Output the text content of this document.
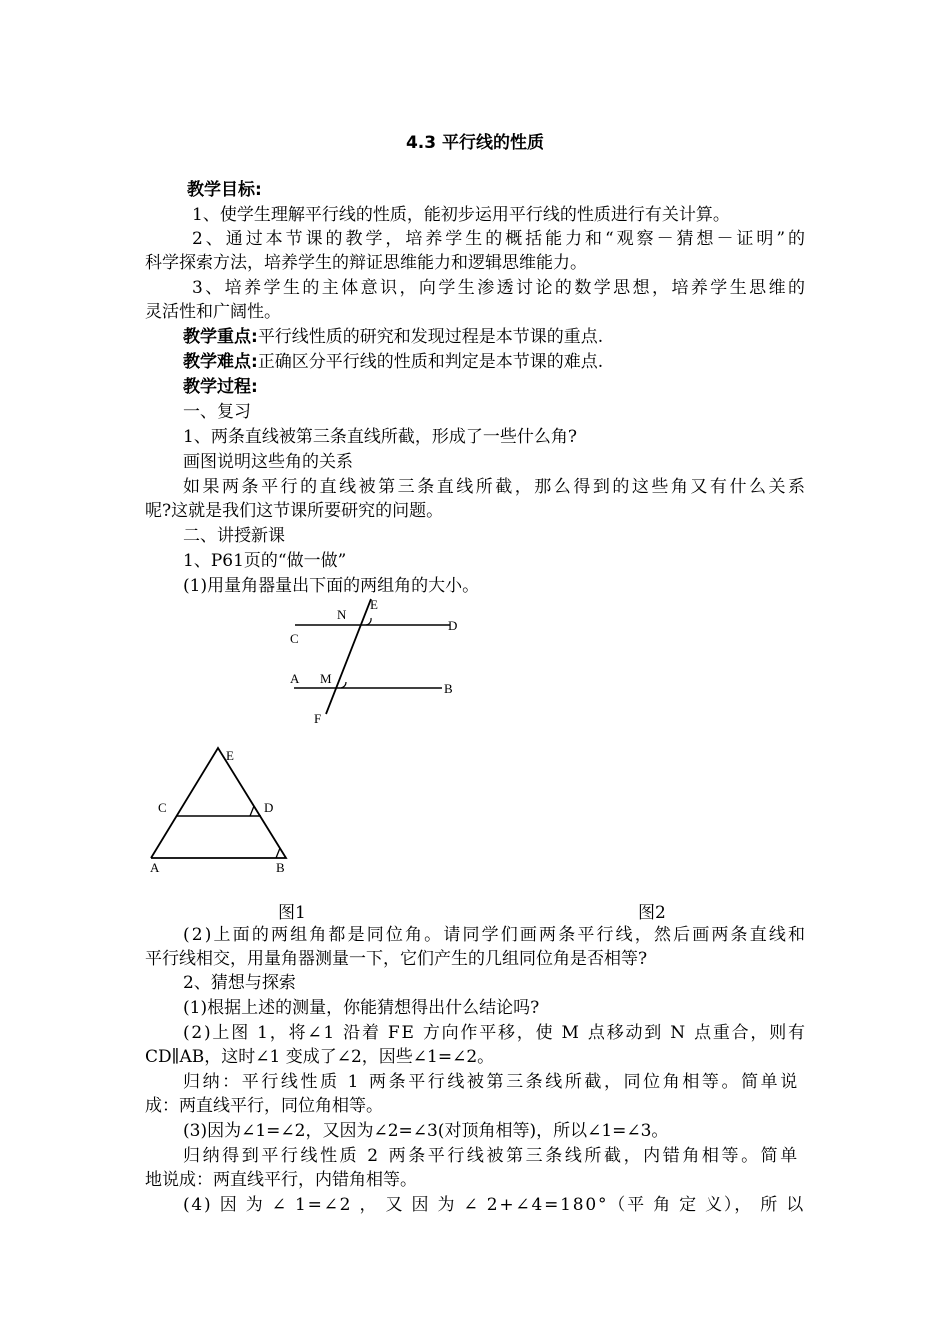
4.3 平行线的性质
教学目标:
1、使学生理解平行线的性质，能初步运用平行线的性质进行有关计算。
2、通过本节课的教学，培养学生的概括能力和“观察－猜想－证明”的
科学探索方法，培养学生的辩证思维能力和逻辑思维能力。
3、培养学生的主体意识，向学生渗透讨论的数学思想，培养学生思维的
灵活性和广阔性。
教学重点:平行线性质的研究和发现过程是本节课的重点.
教学难点:正确区分平行线的性质和判定是本节课的难点.
教学过程:
一、复习
1、两条直线被第三条直线所截，形成了一些什么角?
画图说明这些角的关系
如果两条平行的直线被第三条直线所截，那么得到的这些角又有什么关系
呢?这就是我们这节课所要研究的问题。
二、讲授新课
1、P61页的“做一做”
(1)用量角器量出下面的两组角的大小。
E
N
C
D
A M
B
F
E
C	D
A	B
图1	图2
(2)上面的两组角都是同位角。请同学们画两条平行线，然后画两条直线和
平行线相交，用量角器测量一下，它们产生的几组同位角是否相等?
2、猜想与探索
(1)根据上述的测量，你能猜想得出什么结论吗?
(2)上图 1，将∠1 沿着 FE 方向作平移，使 M 点移动到 N 点重合，则有
CD∥AB，这时∠1 变成了∠2，因些∠1=∠2。
归纳：平行线性质 1 两条平行线被第三条线所截，同位角相等。简单说
成：两直线平行，同位角相等。
(3)因为∠1=∠2，又因为∠2=∠3(对顶角相等)，所以∠1=∠3。
归纳得到平行线性质 2 两条平行线被第三条线所截，内错角相等。简单
地说成：两直线平行，内错角相等。
(4) 因 为 ∠ 1=∠2 ， 又 因 为 ∠ 2+∠4=180°（平 角 定 义）， 所 以
